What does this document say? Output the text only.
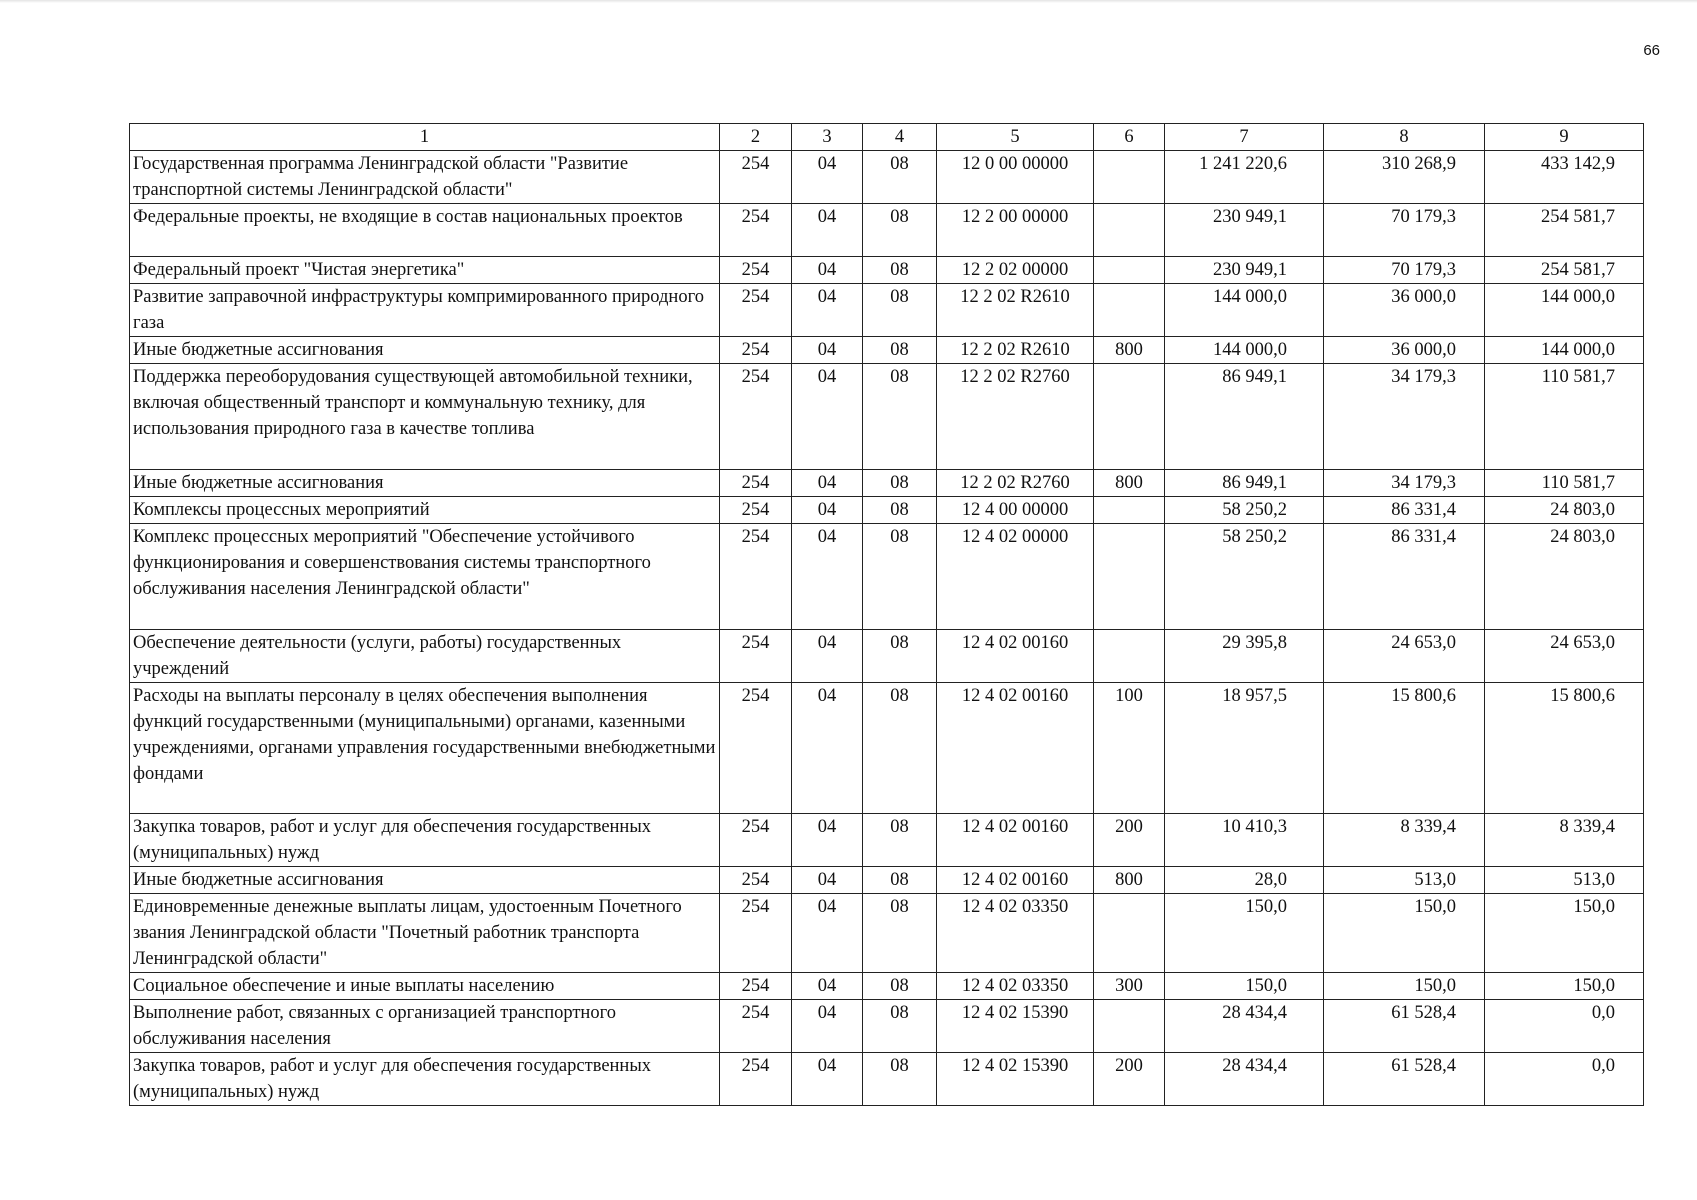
66
1	2	3	4	5	6	7	8	9
Государственная программа Ленинградской области "Развитие транспортной системы Ленинградской области"	254	04	08	12 0 00 00000		1 241 220,6	310 268,9	433 142,9
Федеральные проекты, не входящие в состав национальных проектов	254	04	08	12 2 00 00000		230 949,1	70 179,3	254 581,7
Федеральный проект "Чистая энергетика"	254	04	08	12 2 02 00000		230 949,1	70 179,3	254 581,7
Развитие заправочной инфраструктуры компримированного природного газа	254	04	08	12 2 02 R2610		144 000,0	36 000,0	144 000,0
Иные бюджетные ассигнования	254	04	08	12 2 02 R2610	800	144 000,0	36 000,0	144 000,0
Поддержка переоборудования существующей автомобильной техники, включая общественный транспорт и коммунальную технику, для использования природного газа в качестве топлива	254	04	08	12 2 02 R2760		86 949,1	34 179,3	110 581,7
Иные бюджетные ассигнования	254	04	08	12 2 02 R2760	800	86 949,1	34 179,3	110 581,7
Комплексы процессных мероприятий	254	04	08	12 4 00 00000		58 250,2	86 331,4	24 803,0
Комплекс процессных мероприятий "Обеспечение устойчивого функционирования и совершенствования системы транспортного обслуживания населения Ленинградской области"	254	04	08	12 4 02 00000		58 250,2	86 331,4	24 803,0
Обеспечение деятельности (услуги, работы) государственных учреждений	254	04	08	12 4 02 00160		29 395,8	24 653,0	24 653,0
Расходы на выплаты персоналу в целях обеспечения выполнения функций государственными (муниципальными) органами, казенными учреждениями, органами управления государственными внебюджетными фондами	254	04	08	12 4 02 00160	100	18 957,5	15 800,6	15 800,6
Закупка товаров, работ и услуг для обеспечения государственных (муниципальных) нужд	254	04	08	12 4 02 00160	200	10 410,3	8 339,4	8 339,4
Иные бюджетные ассигнования	254	04	08	12 4 02 00160	800	28,0	513,0	513,0
Единовременные денежные выплаты лицам, удостоенным Почетного звания Ленинградской области "Почетный работник транспорта Ленинградской области"	254	04	08	12 4 02 03350		150,0	150,0	150,0
Социальное обеспечение и иные выплаты населению	254	04	08	12 4 02 03350	300	150,0	150,0	150,0
Выполнение работ, связанных с организацией транспортного обслуживания населения	254	04	08	12 4 02 15390		28 434,4	61 528,4	0,0
Закупка товаров, работ и услуг для обеспечения государственных (муниципальных) нужд	254	04	08	12 4 02 15390	200	28 434,4	61 528,4	0,0
